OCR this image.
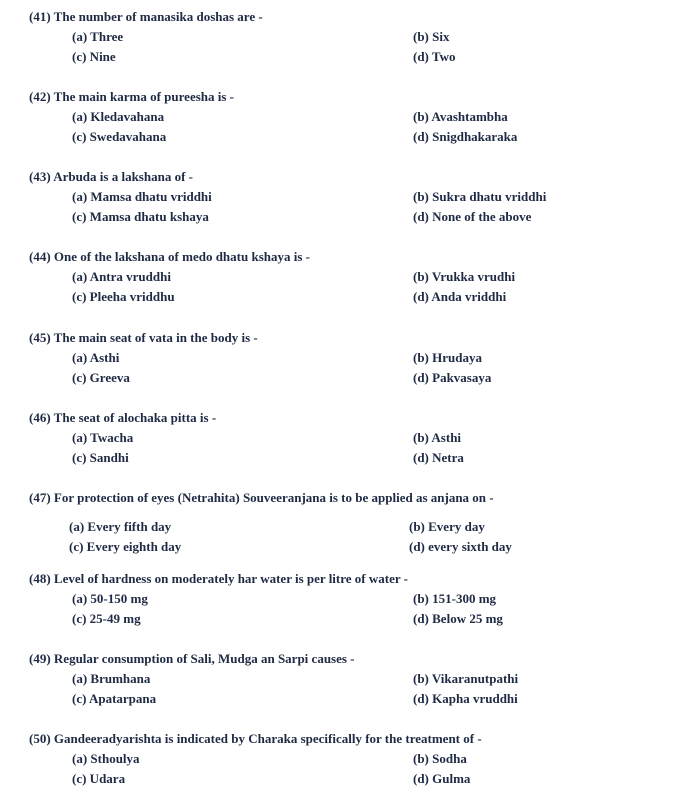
(41) The number of manasika doshas are -
(a) Three	(b) Six
(c) Nine	(d) Two
(42) The main karma of pureesha is -
(a) Kledavahana	(b) Avashtambha
(c) Swedavahana	(d) Snigdhakaraka
(43) Arbuda is a lakshana of -
(a) Mamsa dhatu vriddhi	(b) Sukra dhatu vriddhi
(c) Mamsa dhatu kshaya	(d) None of the above
(44) One of the lakshana of medo dhatu kshaya is -
(a) Antra vruddhi	(b) Vrukka vrudhi
(c) Pleeha vriddhu	(d) Anda vriddhi
(45) The main seat of vata in the body is -
(a) Asthi	(b) Hrudaya
(c) Greeva	(d) Pakvasaya
(46) The seat of alochaka pitta is -
(a) Twacha	(b) Asthi
(c) Sandhi	(d) Netra
(47) For protection of eyes (Netrahita) Souveeranjana is to be applied as anjana on -
(a) Every fifth day	(b) Every day
(c) Every eighth day	(d) every sixth day
(48) Level of hardness on moderately har water is per litre of water -
(a) 50-150 mg	(b) 151-300 mg
(c) 25-49 mg	(d) Below 25 mg
(49) Regular consumption of Sali, Mudga an Sarpi causes -
(a) Brumhana	(b) Vikaranutpathi
(c) Apatarpana	(d) Kapha vruddhi
(50) Gandeeradyarishta is indicated by Charaka specifically for the treatment of -
(a) Sthoulya	(b) Sodha
(c) Udara	(d) Gulma
